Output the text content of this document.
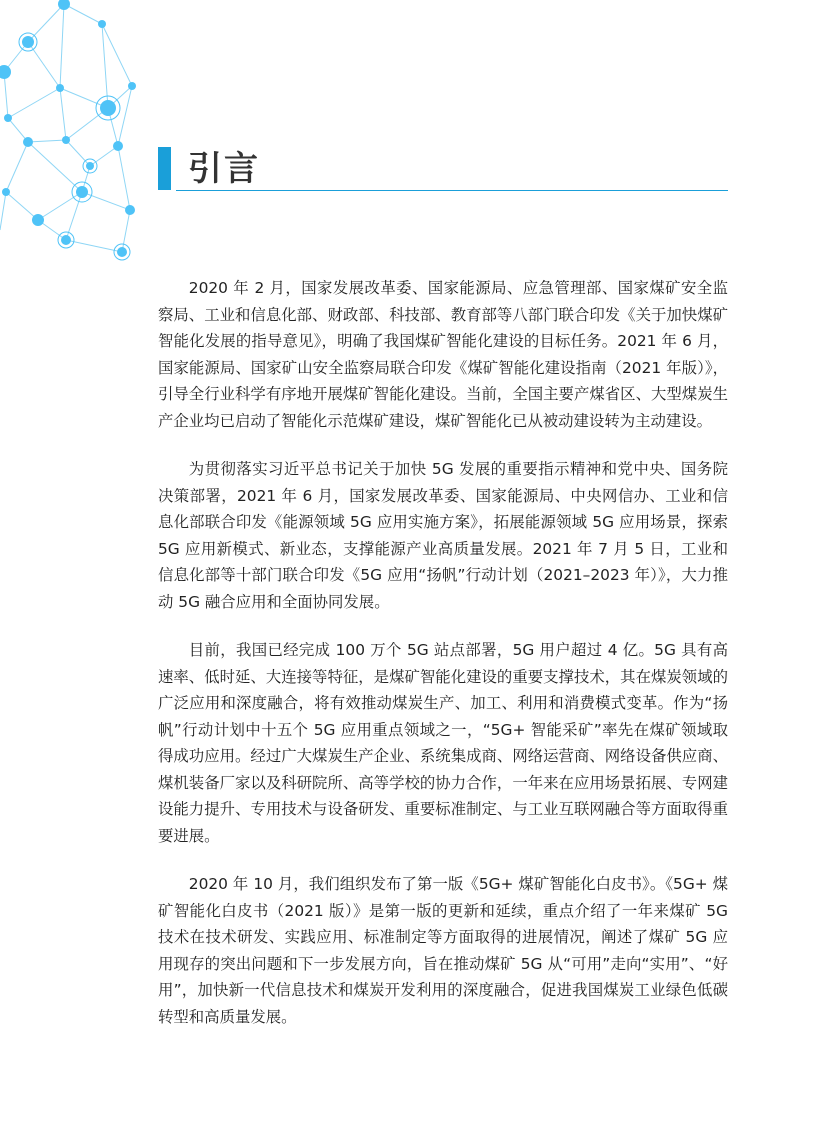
引言

2020 年 2 月，国家发展改革委、国家能源局、应急管理部、国家煤矿安全监察局、工业和信息化部、财政部、科技部、教育部等八部门联合印发《关于加快煤矿智能化发展的指导意见》，明确了我国煤矿智能化建设的目标任务。2021 年 6 月，国家能源局、国家矿山安全监察局联合印发《煤矿智能化建设指南（2021 年版）》，引导全行业科学有序地开展煤矿智能化建设。当前，全国主要产煤省区、大型煤炭生产企业均已启动了智能化示范煤矿建设，煤矿智能化已从被动建设转为主动建设。

为贯彻落实习近平总书记关于加快 5G 发展的重要指示精神和党中央、国务院决策部署，2021 年 6 月，国家发展改革委、国家能源局、中央网信办、工业和信息化部联合印发《能源领域 5G 应用实施方案》，拓展能源领域 5G 应用场景，探索 5G 应用新模式、新业态，支撑能源产业高质量发展。2021 年 7 月 5 日，工业和信息化部等十部门联合印发《5G 应用“扬帆”行动计划（2021–2023 年）》，大力推动 5G 融合应用和全面协同发展。

目前，我国已经完成 100 万个 5G 站点部署，5G 用户超过 4 亿。5G 具有高速率、低时延、大连接等特征，是煤矿智能化建设的重要支撑技术，其在煤炭领域的广泛应用和深度融合，将有效推动煤炭生产、加工、利用和消费模式变革。作为“扬帆”行动计划中十五个 5G 应用重点领域之一，“5G+ 智能采矿”率先在煤矿领域取得成功应用。经过广大煤炭生产企业、系统集成商、网络运营商、网络设备供应商、煤机装备厂家以及科研院所、高等学校的协力合作，一年来在应用场景拓展、专网建设能力提升、专用技术与设备研发、重要标准制定、与工业互联网融合等方面取得重要进展。

2020 年 10 月，我们组织发布了第一版《5G+ 煤矿智能化白皮书》。《5G+ 煤矿智能化白皮书（2021 版）》是第一版的更新和延续，重点介绍了一年来煤矿 5G 技术在技术研发、实践应用、标准制定等方面取得的进展情况，阐述了煤矿 5G 应用现存的突出问题和下一步发展方向，旨在推动煤矿 5G 从“可用”走向“实用”、“好用”，加快新一代信息技术和煤炭开发利用的深度融合，促进我国煤炭工业绿色低碳转型和高质量发展。
